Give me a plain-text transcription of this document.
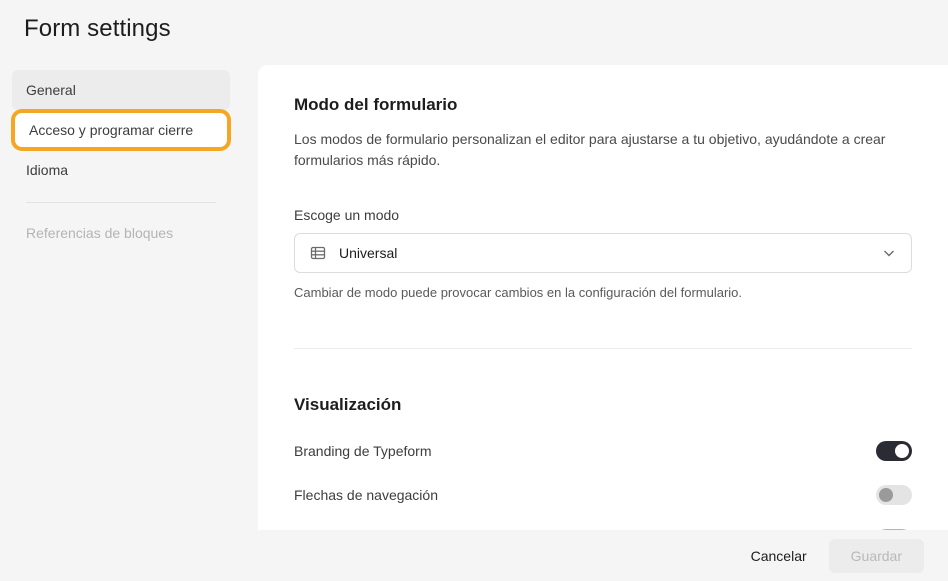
Form settings
General
Acceso y programar cierre
Idioma
Referencias de bloques
Modo del formulario

Los modos de formulario personalizan el editor para ajustarse a tu objetivo, ayudándote a crear formularios más rápido.

Escoge un modo
Universal

Cambiar de modo puede provocar cambios en la configuración del formulario.

Visualización
Branding de Typeform
Flechas de navegación
Cancelar	Guardar
